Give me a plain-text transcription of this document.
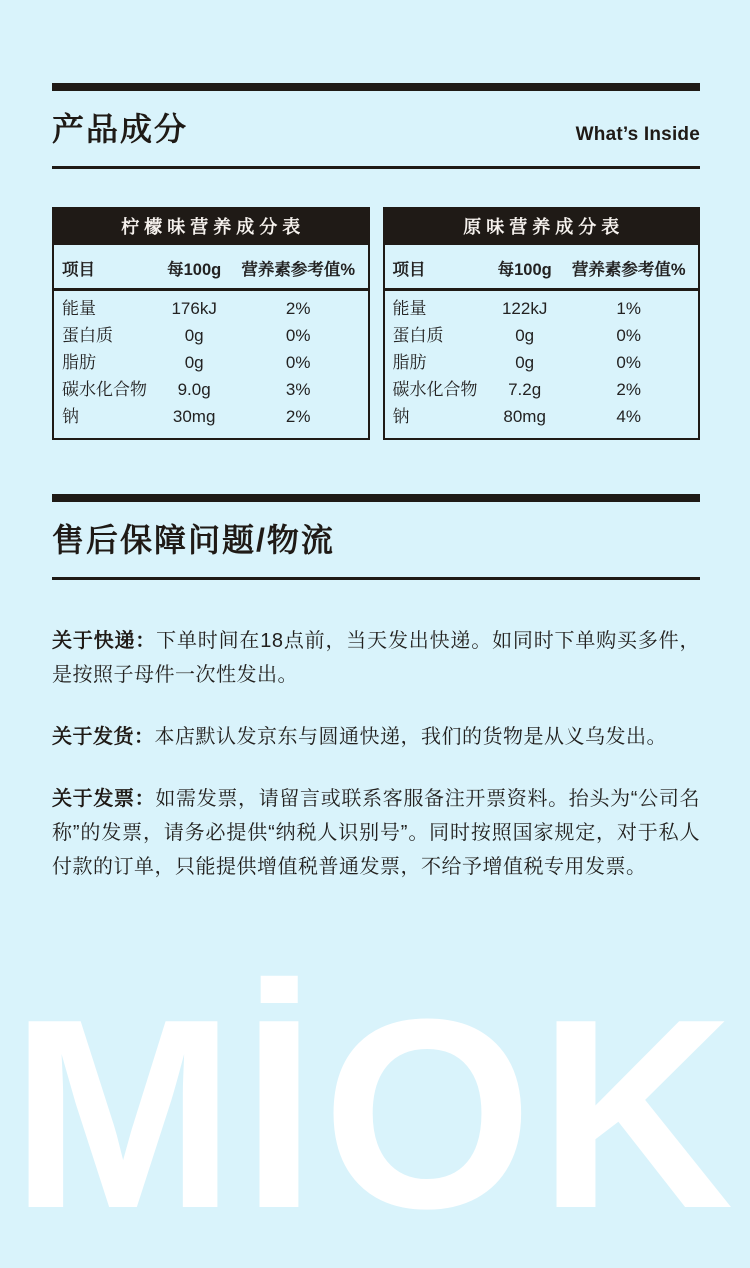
产品成分	What’s Inside
柠檬味营养成分表
项目	每100g	营养素参考值%
能量	176kJ	2%
蛋白质	0g	0%
脂肪	0g	0%
碳水化合物	9.0g	3%
钠	30mg	2%
原味营养成分表
项目	每100g	营养素参考值%
能量	122kJ	1%
蛋白质	0g	0%
脂肪	0g	0%
碳水化合物	7.2g	2%
钠	80mg	4%
售后保障问题/物流

关于快递：下单时间在18点前，当天发出快递。如同时下单购买多件，是按照子母件一次性发出。

关于发货：本店默认发京东与圆通快递，我们的货物是从义乌发出。

关于发票：如需发票，请留言或联系客服备注开票资料。抬头为“公司名称”的发票，请务必提供“纳税人识别号”。同时按照国家规定，对于私人付款的订单，只能提供增值税普通发票，不给予增值税专用发票。

MİOK
